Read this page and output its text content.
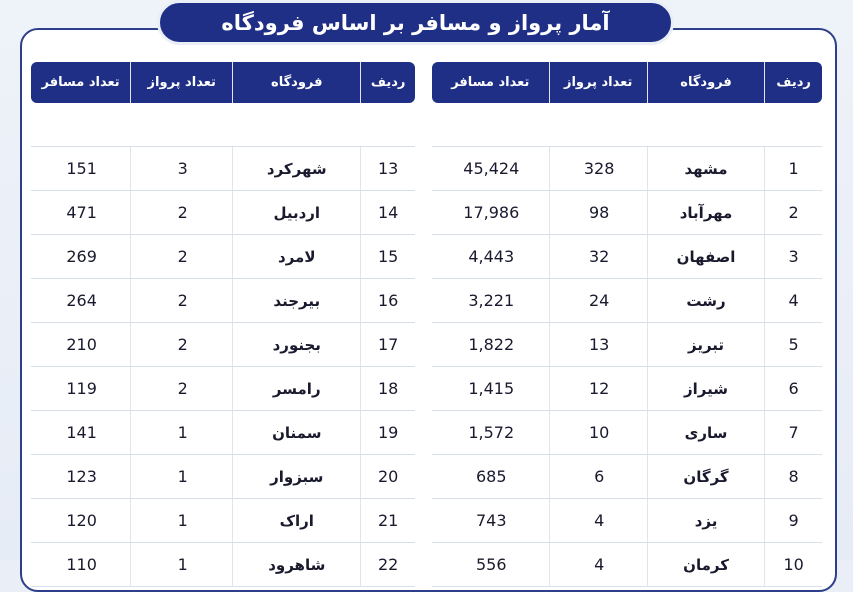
آمار پرواز و مسافر بر اساس فرودگاه
ردیف	فرودگاه	تعداد پرواز	تعداد مسافر

1	مشهد	328	45,424
2	مهرآباد	98	17,986
3	اصفهان	32	4,443
4	رشت	24	3,221
5	تبریز	13	1,822
6	شیراز	12	1,415
7	ساری	10	1,572
8	گرگان	6	685
9	یزد	4	743
10	کرمان	4	556
ردیف	فرودگاه	تعداد پرواز	تعداد مسافر

13	شهرکرد	3	151
14	اردبیل	2	471
15	لامرد	2	269
16	بیرجند	2	264
17	بجنورد	2	210
18	رامسر	2	119
19	سمنان	1	141
20	سبزوار	1	123
21	اراک	1	120
22	شاهرود	1	110
